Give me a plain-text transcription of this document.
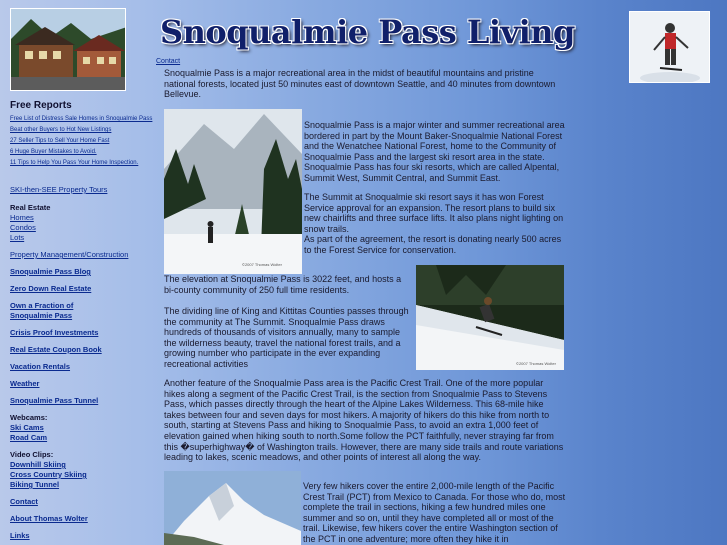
Snoqualmie Pass Living
Contact
Free Reports
Free List of Distress Sale Homes in Snoqualmie Pass
Beat other Buyers to Hot New Listings
27 Seller Tips to Sell Your Home Fast
6 Huge Buyer Mistakes to Avoid.
11 Tips to Help You Pass Your Home Inspection.
SKI-then-SEE Property Tours
Real Estate
Homes
Condos
Lots
Property Management/Construction
Snoqualmie Pass Blog
Zero Down Real Estate
Own a Fraction of
Snoqualmie Pass
Crisis Proof Investments
Real Estate Coupon Book
Vacation Rentals
Weather
Snoqualmie Pass Tunnel
Webcams:
Ski Cams
Road Cam
Video Clips:
Downhill Skiing
Cross Country Skiing
Biking Tunnel
Contact
About Thomas Wolter
Links
Snoqualmie Pass is a major recreational area in the midst of beautiful mountains and pristine national forests, located just 50 minutes east of downtown Seattle, and 40 minutes from downtown Bellevue.
©2007 Thomas Wolter
Snoqualmie Pass is a major winter and summer recreational area bordered in part by the Mount Baker-Snoqualmie National Forest and the Wenatchee National Forest, home to the Community of Snoqualmie Pass and the largest ski resort area in the state. Snoqualmie Pass has four ski resorts, which are called Alpental, Summit West, Summit Central, and Summit East.
The Summit at Snoqualmie ski resort says it has won Forest Service approval for an expansion. The resort plans to build six new chairlifts and three surface lifts. It also plans night lighting on snow trails.
As part of the agreement, the resort is donating nearly 500 acres to the Forest Service for conservation.
The elevation at Snoqualmie Pass is 3022 feet, and hosts a bi-county community of 250 full time residents.
©2007 Thomas Wolter
The dividing line of King and Kittitas Counties passes through the community at The Summit. Snoqualmie Pass draws hundreds of thousands of visitors annually, many to sample the wilderness beauty, travel the national forest trails, and a growing number who participate in the ever expanding recreational activities
Another feature of the Snoqualmie Pass area is the Pacific Crest Trail. One of the more popular hikes along a segment of the Pacific Crest Trail, is the section from Snoqualmie Pass to Stevens Pass, which passes directly through the heart of the Alpine Lakes Wilderness. This 68-mile hike takes between four and seven days for most hikers. A majority of hikers do this hike from north to south, starting at Stevens Pass and hiking to Snoqualmie Pass, to avoid an extra 1,000 feet of elevation gained when hiking south to north.Some follow the PCT faithfully, never straying far from this �superhighway� of Washington trails. However, there are many side trails and route variations leading to lakes, scenic meadows, and other points of interest all along the way.
Very few hikers cover the entire 2,000-mile length of the Pacific Crest Trail (PCT) from Mexico to Canada. For those who do, most complete the trail in sections, hiking a few hundred miles one summer and so on, until they have completed all or most of the trail. Likewise, few hikers cover the entire Washington section of the PCT in one adventure; more often they hike it in
